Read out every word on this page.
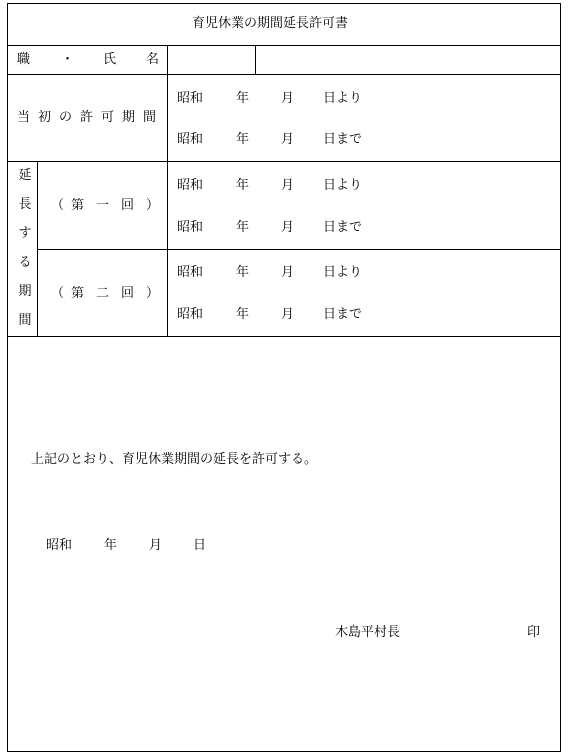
育児休業の期間延長許可書
職 ・ 氏 名
当 初 の 許 可 期 間
昭和	年 月 日より
昭和	年 月 日まで
延
長
す
る
期
間
（ 第 一 回 ）
昭和	年 月 日より
昭和	年 月 日まで
（ 第 二 回 ）
昭和	年 月 日より
昭和	年 月 日まで
上記のとおり、育児休業期間の延長を許可する。
昭和 年 月 日
木島平村長	印
